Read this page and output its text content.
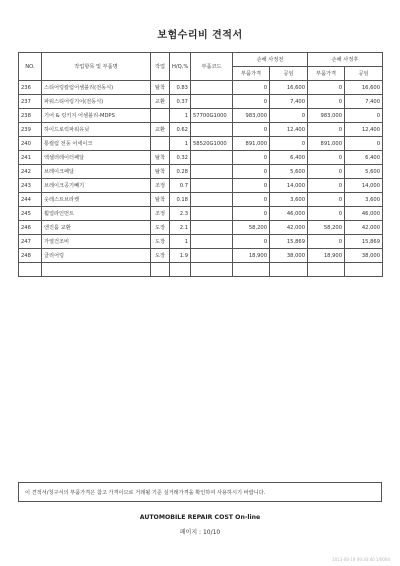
보험수리비 견적서
NO.	작업항목 및 부품명	작업	H/Q,%	부품코드	손해 사정전		손해 사정후	
					부품가격	공임	부품가격	공임
236	스티어링칼럼어셈블리(전동식)	탈착	0.83		0	16,600	0	16,600
237	파워스티어링기어(전동식)	교환	0.37		0	7,400	0	7,400
238	기어 & 링키지 어셈블리-MDPS		1	57700G1000	983,000	0	983,000	0
239	하이드로릭파워유닛	교환	0.62		0	12,400	0	12,400
240	통컬럼 전동 어세이크		1	58520G1000	891,000	0	891,000	0
241	엑셀러레이터페달	탈착	0.32		0	6,400	0	6,400
242	브레이크페달	탈착	0.28		0	5,600	0	5,600
243	브레이크공기빼기	조정	0.7		0	14,000	0	14,000
244	웃레스트브라켓	탈착	0.18		0	3,600	0	3,600
245	휠얼라인먼트	조정	2.3		0	46,000	0	46,000
246	엔진룸 교환	도장	2.1		58,200	42,000	58,200	42,000
247	가열건조비	도장	1		0	15,869	0	15,869
248	클리어링	도장	1.9		18,900	38,000	18,900	38,000

이 견적서/청구서의 부품가격은 참고 가격이므로 거래될 기준 실거래가격을 확인하여 사용하시기 바랍니다.
AUTOMOBILE REPAIR COST On-line
페이지 : 10/10
2013-06-19 09:30:40 1/0000
